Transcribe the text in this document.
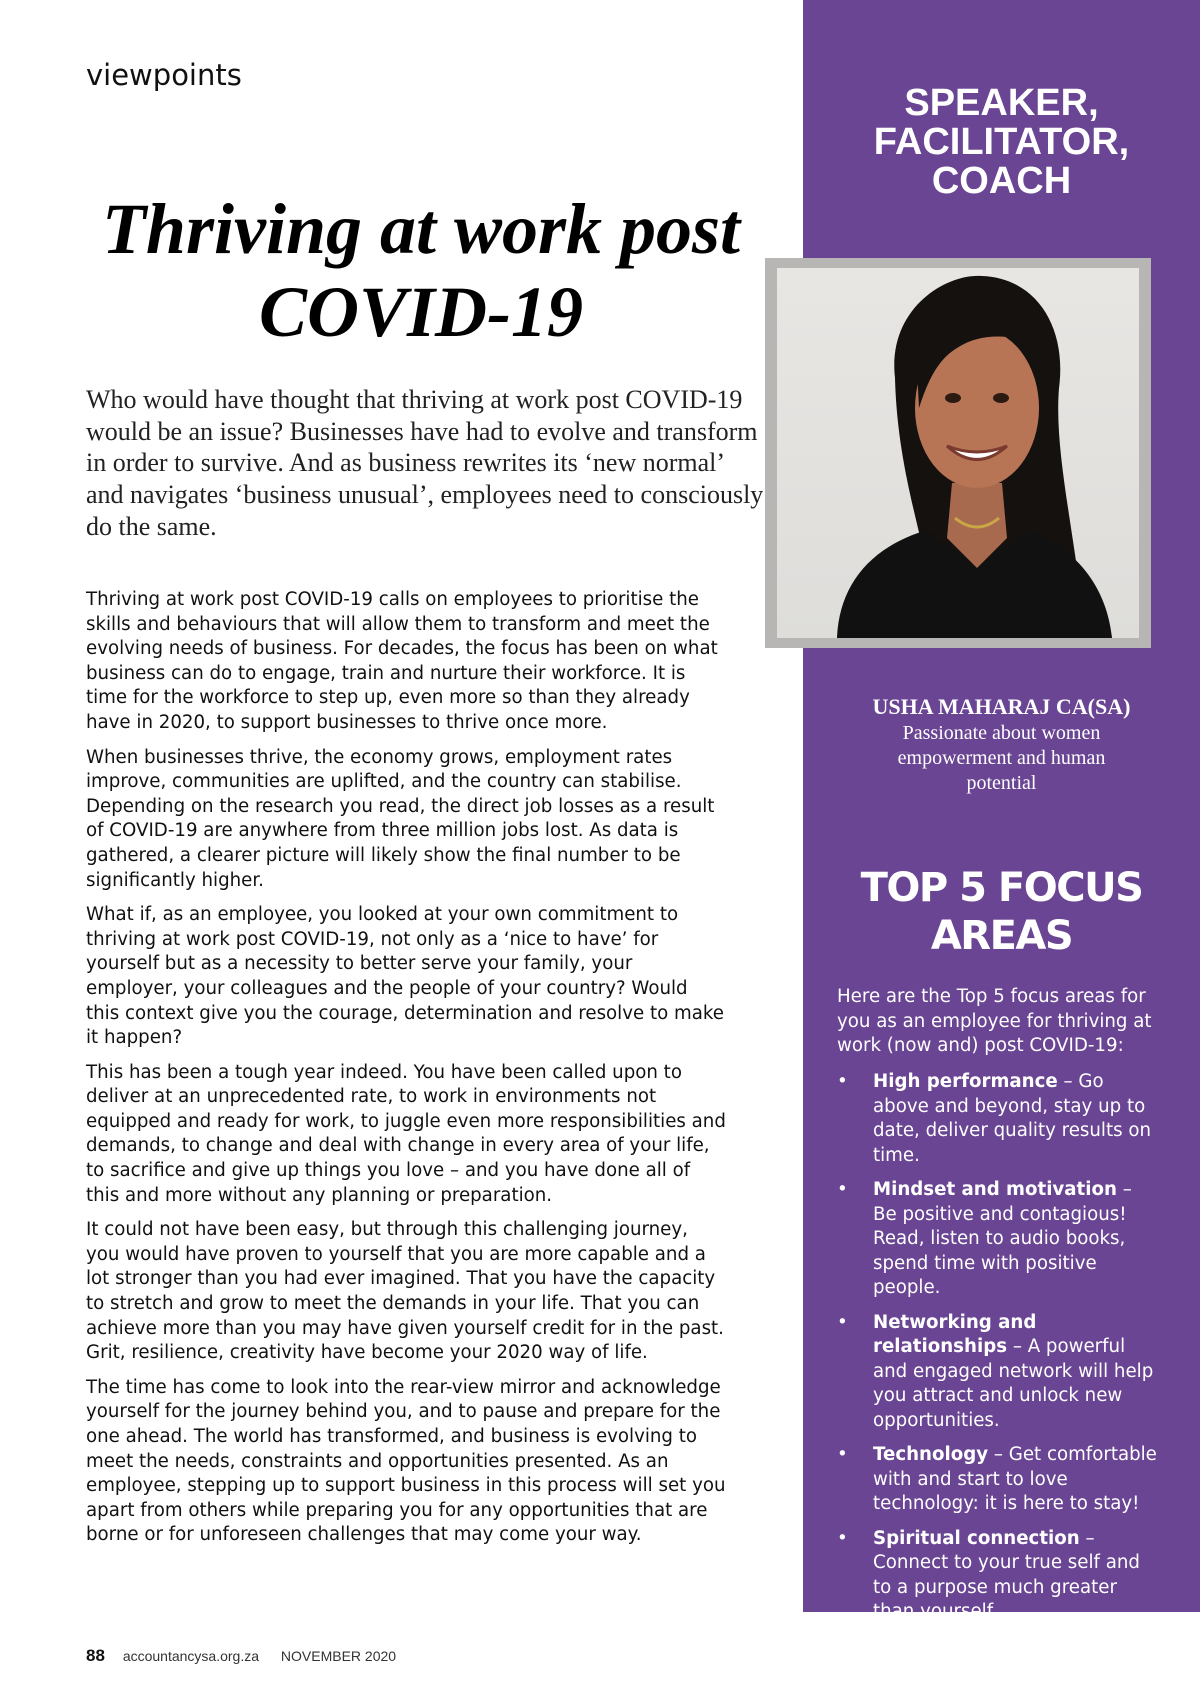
viewpoints
Thriving at work post COVID-19

Who would have thought that thriving at work post COVID-19 would be an issue? Businesses have had to evolve and transform in order to survive. And as business rewrites its ‘new normal’ and navigates ‘business unusual’, employees need to consciously do the same.

Thriving at work post COVID-19 calls on employees to prioritise the skills and behaviours that will allow them to transform and meet the evolving needs of business. For decades, the focus has been on what business can do to engage, train and nurture their workforce. It is time for the workforce to step up, even more so than they already have in 2020, to support businesses to thrive once more.

When businesses thrive, the economy grows, employment rates improve, communities are uplifted, and the country can stabilise. Depending on the research you read, the direct job losses as a result of COVID-19 are anywhere from three million jobs lost. As data is gathered, a clearer picture will likely show the final number to be significantly higher.

What if, as an employee, you looked at your own commitment to thriving at work post COVID-19, not only as a ‘nice to have’ for yourself but as a necessity to better serve your family, your employer, your colleagues and the people of your country? Would this context give you the courage, determination and resolve to make it happen?

This has been a tough year indeed. You have been called upon to deliver at an unprecedented rate, to work in environments not equipped and ready for work, to juggle even more responsibilities and demands, to change and deal with change in every area of your life, to sacrifice and give up things you love – and you have done all of this and more without any planning or preparation.

It could not have been easy, but through this challenging journey, you would have proven to yourself that you are more capable and a lot stronger than you had ever imagined. That you have the capacity to stretch and grow to meet the demands in your life. That you can achieve more than you may have given yourself credit for in the past. Grit, resilience, creativity have become your 2020 way of life.

The time has come to look into the rear-view mirror and acknowledge yourself for the journey behind you, and to pause and prepare for the one ahead. The world has transformed, and business is evolving to meet the needs, constraints and opportunities presented. As an employee, stepping up to support business in this process will set you apart from others while preparing you for any opportunities that are borne or for unforeseen challenges that may come your way.

SPEAKER,
FACILITATOR,
COACH
USHA MAHARAJ CA(SA)
Passionate about women empowerment and human potential
TOP 5 FOCUS
AREAS
Here are the Top 5 focus areas for you as an employee for thriving at work (now and) post COVID-19:
• High performance – Go above and beyond, stay up to date, deliver quality results on time.
• Mindset and motivation – Be positive and contagious! Read, listen to audio books, spend time with positive people.
• Networking and relationships – A powerful and engaged network will help you attract and unlock new opportunities.
• Technology – Get comfortable with and start to love technology: it is here to stay!
• Spiritual connection – Connect to your true self and to a purpose much greater than yourself.
88 accountancysa.org.za NOVEMBER 2020
